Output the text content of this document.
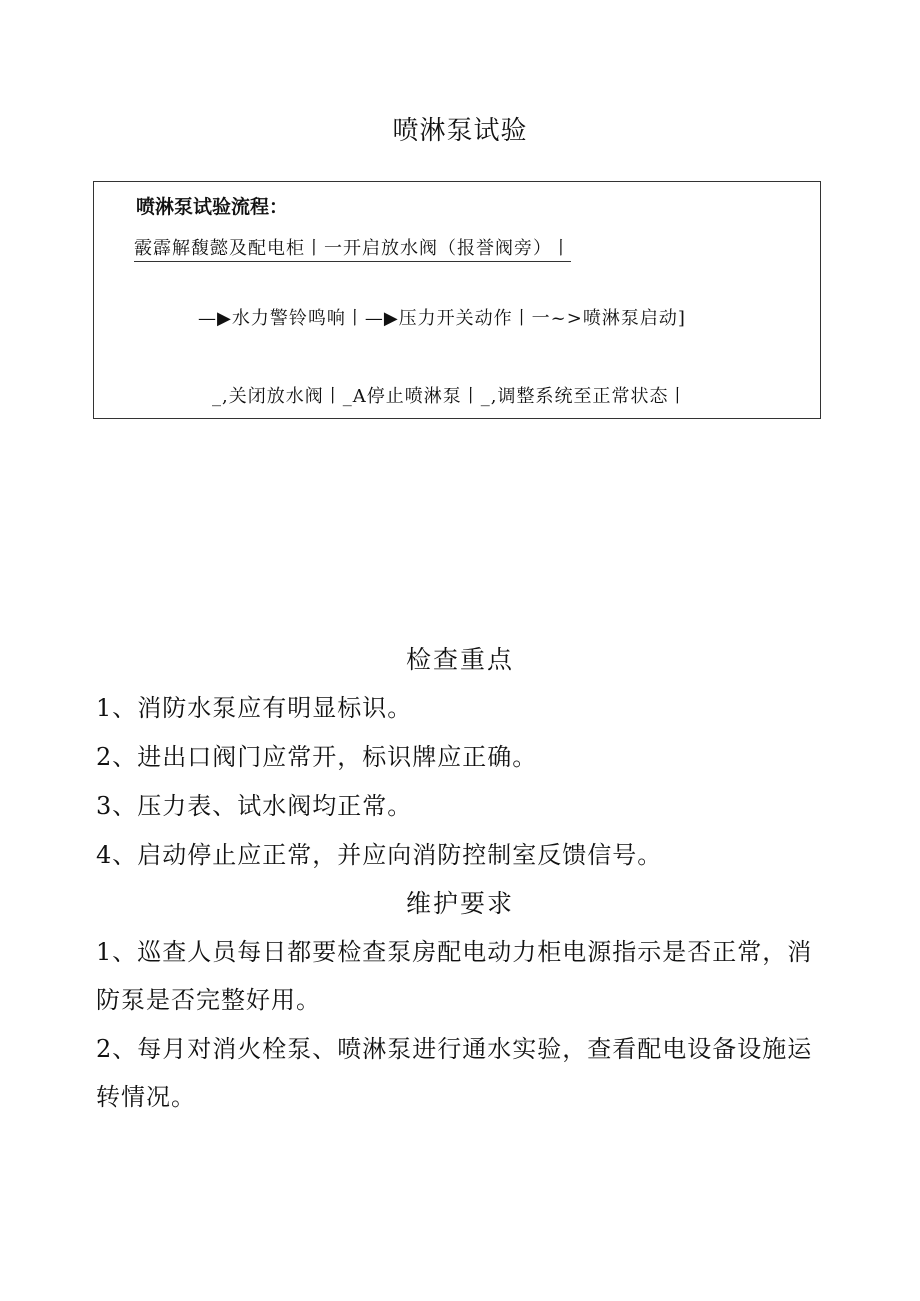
喷淋泵试验
喷淋泵试验流程：
霰霹解馥懿及配电柜丨一开启放水阀（报誉阀旁）丨
—▶水力警铃鸣响丨—▶压力开关动作丨一~>喷淋泵启动]
_,关闭放水阀丨_A停止喷淋泵丨_,调整系统至正常状态丨
检查重点
1、消防水泵应有明显标识。
2、进出口阀门应常开，标识牌应正确。
3、压力表、试水阀均正常。
4、启动停止应正常，并应向消防控制室反馈信号。
维护要求
1、巡查人员每日都要检查泵房配电动力柜电源指示是否正常，消防泵是否完整好用。
2、每月对消火栓泵、喷淋泵进行通水实验，查看配电设备设施运转情况。
